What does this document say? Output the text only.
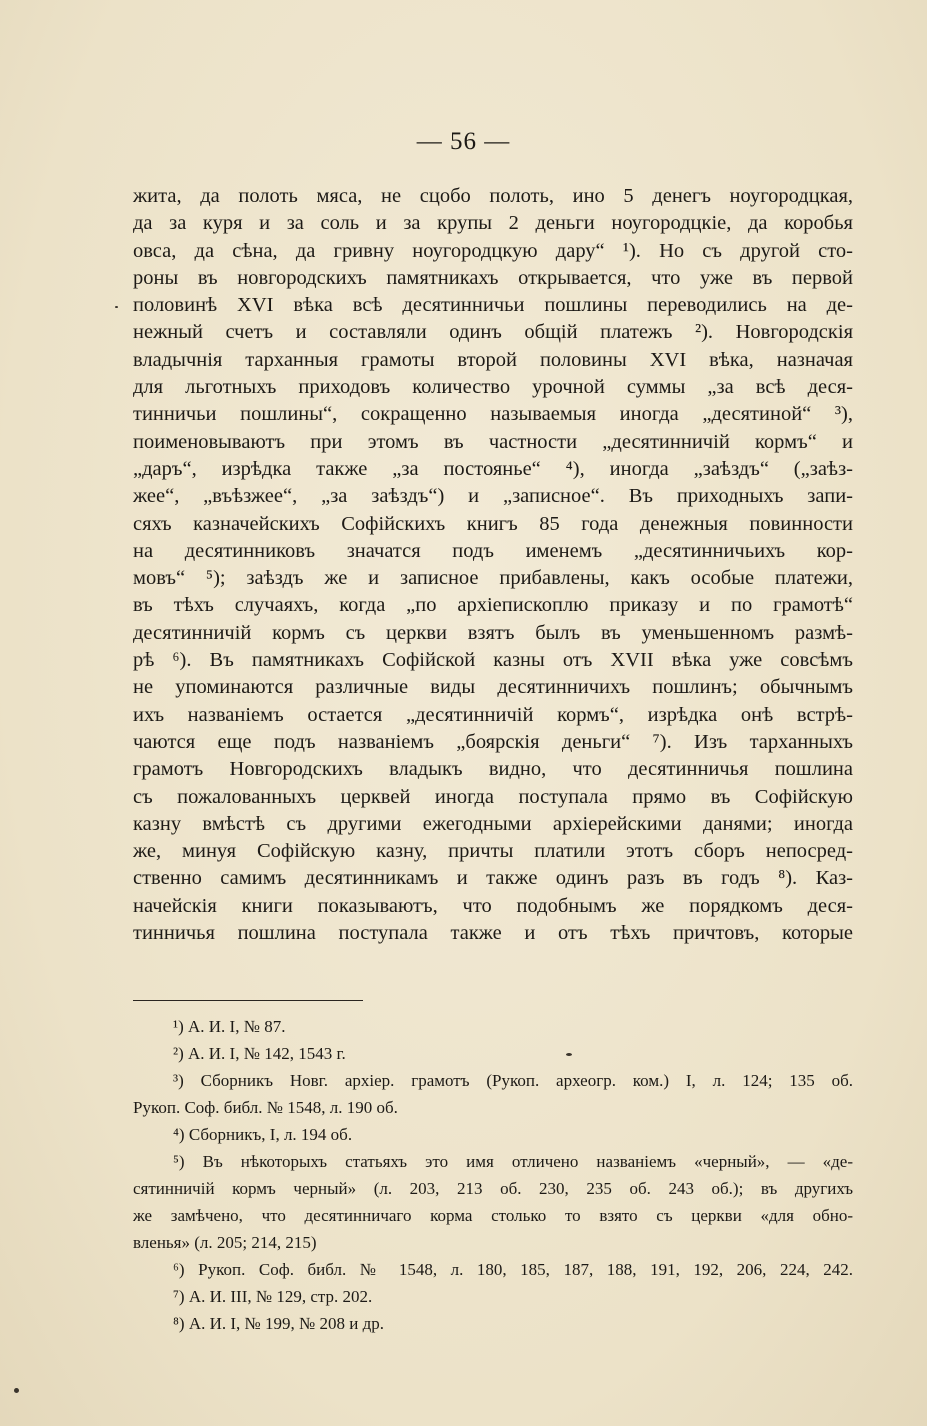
— 56 —
жита, да полоть мяса, не сцобо полоть, ино 5 денегъ ноугородцкая,
да за куря и за соль и за крупы 2 деньги ноугородцкіе, да коробья
овса, да сѣна, да гривну ноугородцкую дару“ ¹). Но съ другой сто-
роны въ новгородскихъ памятникахъ открывается, что уже въ первой
половинѣ XVI вѣка всѣ десятинничьи пошлины переводились на де-
нежный счетъ и составляли одинъ общій платежъ ²). Новгородскія
владычнія тарханныя грамоты второй половины XVI вѣка, назначая
для льготныхъ приходовъ количество урочной суммы „за всѣ деся-
тинничьи пошлины“, сокращенно называемыя иногда „десятиной“ ³),
поименовываютъ при этомъ въ частности „десятинничій кормъ“ и
„даръ“, изрѣдка также „за постоянье“ ⁴), иногда „заѣздъ“ („заѣз-
жее“, „въѣзжее“, „за заѣздъ“) и „записное“. Въ приходныхъ запи-
сяхъ казначейскихъ Софійскихъ книгъ 85 года денежныя повинности
на десятинниковъ значатся подъ именемъ „десятинничьихъ кор-
мовъ“ ⁵); заѣздъ же и записное прибавлены, какъ особые платежи,
въ тѣхъ случаяхъ, когда „по архіепископлю приказу и по грамотѣ“
десятинничій кормъ съ церкви взятъ былъ въ уменьшенномъ размѣ-
рѣ ⁶). Въ памятникахъ Софійской казны отъ XVII вѣка уже совсѣмъ
не упоминаются различные виды десятинничихъ пошлинъ; обычнымъ
ихъ названіемъ остается „десятинничій кормъ“, изрѣдка онѣ встрѣ-
чаются еще подъ названіемъ „боярскія деньги“ ⁷). Изъ тарханныхъ
грамотъ Новгородскихъ владыкъ видно, что десятинничья пошлина
съ пожалованныхъ церквей иногда поступала прямо въ Софійскую
казну вмѣстѣ съ другими ежегодными архіерейскими данями; иногда
же, минуя Софійскую казну, причты платили этотъ сборъ непосред-
ственно самимъ десятинникамъ и также одинъ разъ въ годъ ⁸). Каз-
начейскія книги показываютъ, что подобнымъ же порядкомъ деся-
тинничья пошлина поступала также и отъ тѣхъ причтовъ, которые
¹) А. И. I, № 87.
²) А. И. I, № 142, 1543 г.
³) Сборникъ Новг. архіер. грамотъ (Рукоп. археогр. ком.) I, л. 124; 135 об.
Рукоп. Соф. библ. № 1548, л. 190 об.
⁴) Сборникъ, I, л. 194 об.
⁵) Въ нѣкоторыхъ статьяхъ это имя отличено названіемъ «черный», — «де-
сятинничій кормъ черный» (л. 203, 213 об. 230, 235 об. 243 об.); въ другихъ
же замѣчено, что десятинничаго корма столько то взято съ церкви «для обно-
вленья» (л. 205; 214, 215)
⁶) Рукоп. Соф. библ. № 1548, л. 180, 185, 187, 188, 191, 192, 206, 224, 242.
⁷) А. И. III, № 129, стр. 202.
⁸) А. И. I, № 199, № 208 и др.
